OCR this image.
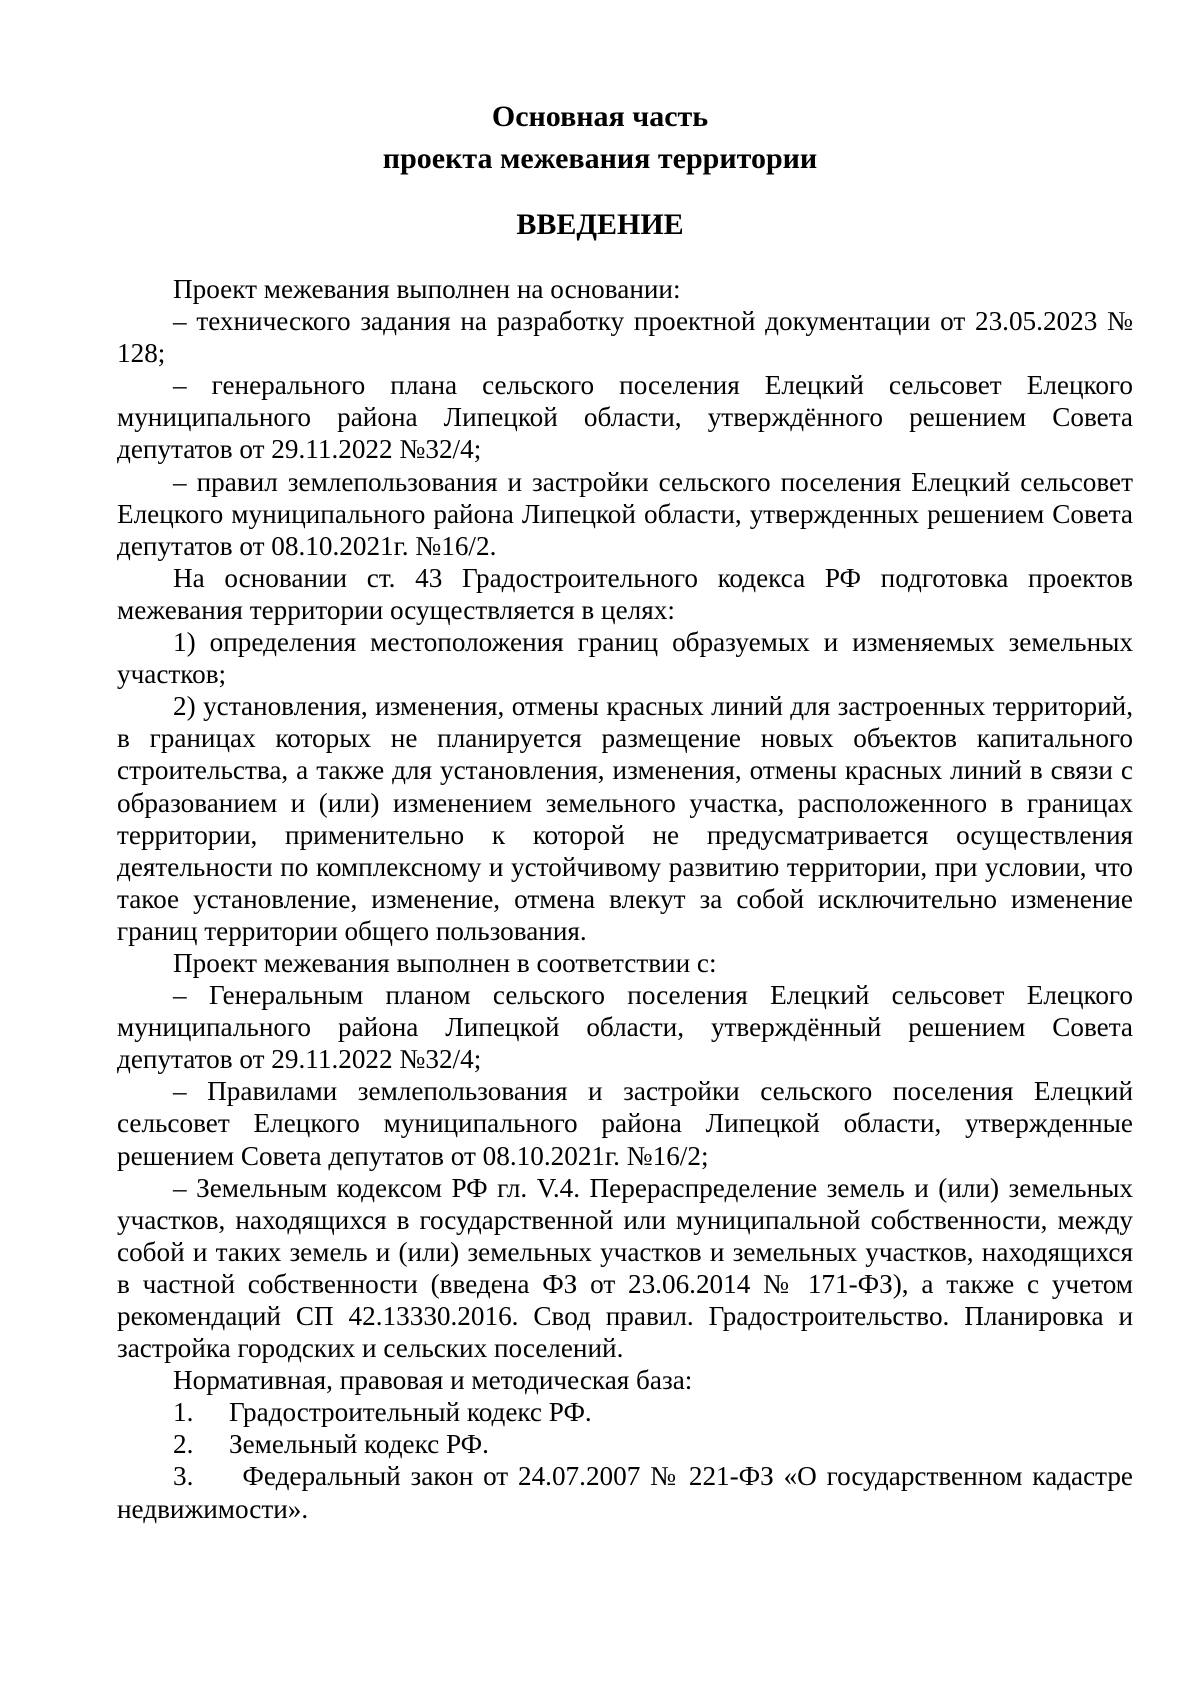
Основная часть
проекта межевания территории
ВВЕДЕНИЕ

Проект межевания выполнен на основании:

– технического задания на разработку проектной документации от 23.05.2023 № 128;

– генерального плана сельского поселения Елецкий сельсовет Елецкого муниципального района Липецкой области, утверждённого решением Совета депутатов от 29.11.2022 №32/4;

– правил землепользования и застройки сельского поселения Елецкий сельсовет Елецкого муниципального района Липецкой области, утвержденных решением Совета депутатов от 08.10.2021г. №16/2.

На основании ст. 43 Градостроительного кодекса РФ подготовка проектов межевания территории осуществляется в целях:

1) определения местоположения границ образуемых и изменяемых земельных участков;

2) установления, изменения, отмены красных линий для застроенных территорий, в границах которых не планируется размещение новых объектов капитального строительства, а также для установления, изменения, отмены красных линий в связи с образованием и (или) изменением земельного участка, расположенного в границах территории, применительно к которой не предусматривается осуществления деятельности по комплексному и устойчивому развитию территории, при условии, что такое установление, изменение, отмена влекут за собой исключительно изменение границ территории общего пользования.

Проект межевания выполнен в соответствии с:

– Генеральным планом сельского поселения Елецкий сельсовет Елецкого муниципального района Липецкой области, утверждённый решением Совета депутатов от 29.11.2022 №32/4;

– Правилами землепользования и застройки сельского поселения Елецкий сельсовет Елецкого муниципального района Липецкой области, утвержденные решением Совета депутатов от 08.10.2021г. №16/2;

– Земельным кодексом РФ гл. V.4. Перераспределение земель и (или) земельных участков, находящихся в государственной или муниципальной собственности, между собой и таких земель и (или) земельных участков и земельных участков, находящихся в частной собственности (введена ФЗ от 23.06.2014 № 171-ФЗ), а также с учетом рекомендаций СП 42.13330.2016. Свод правил. Градостроительство. Планировка и застройка городских и сельских поселений.

Нормативная, правовая и методическая база:

1.	Градостроительный кодекс РФ.

2.	Земельный кодекс РФ.

3. Федеральный закон от 24.07.2007 № 221-ФЗ «О государственном кадастре недвижимости».
